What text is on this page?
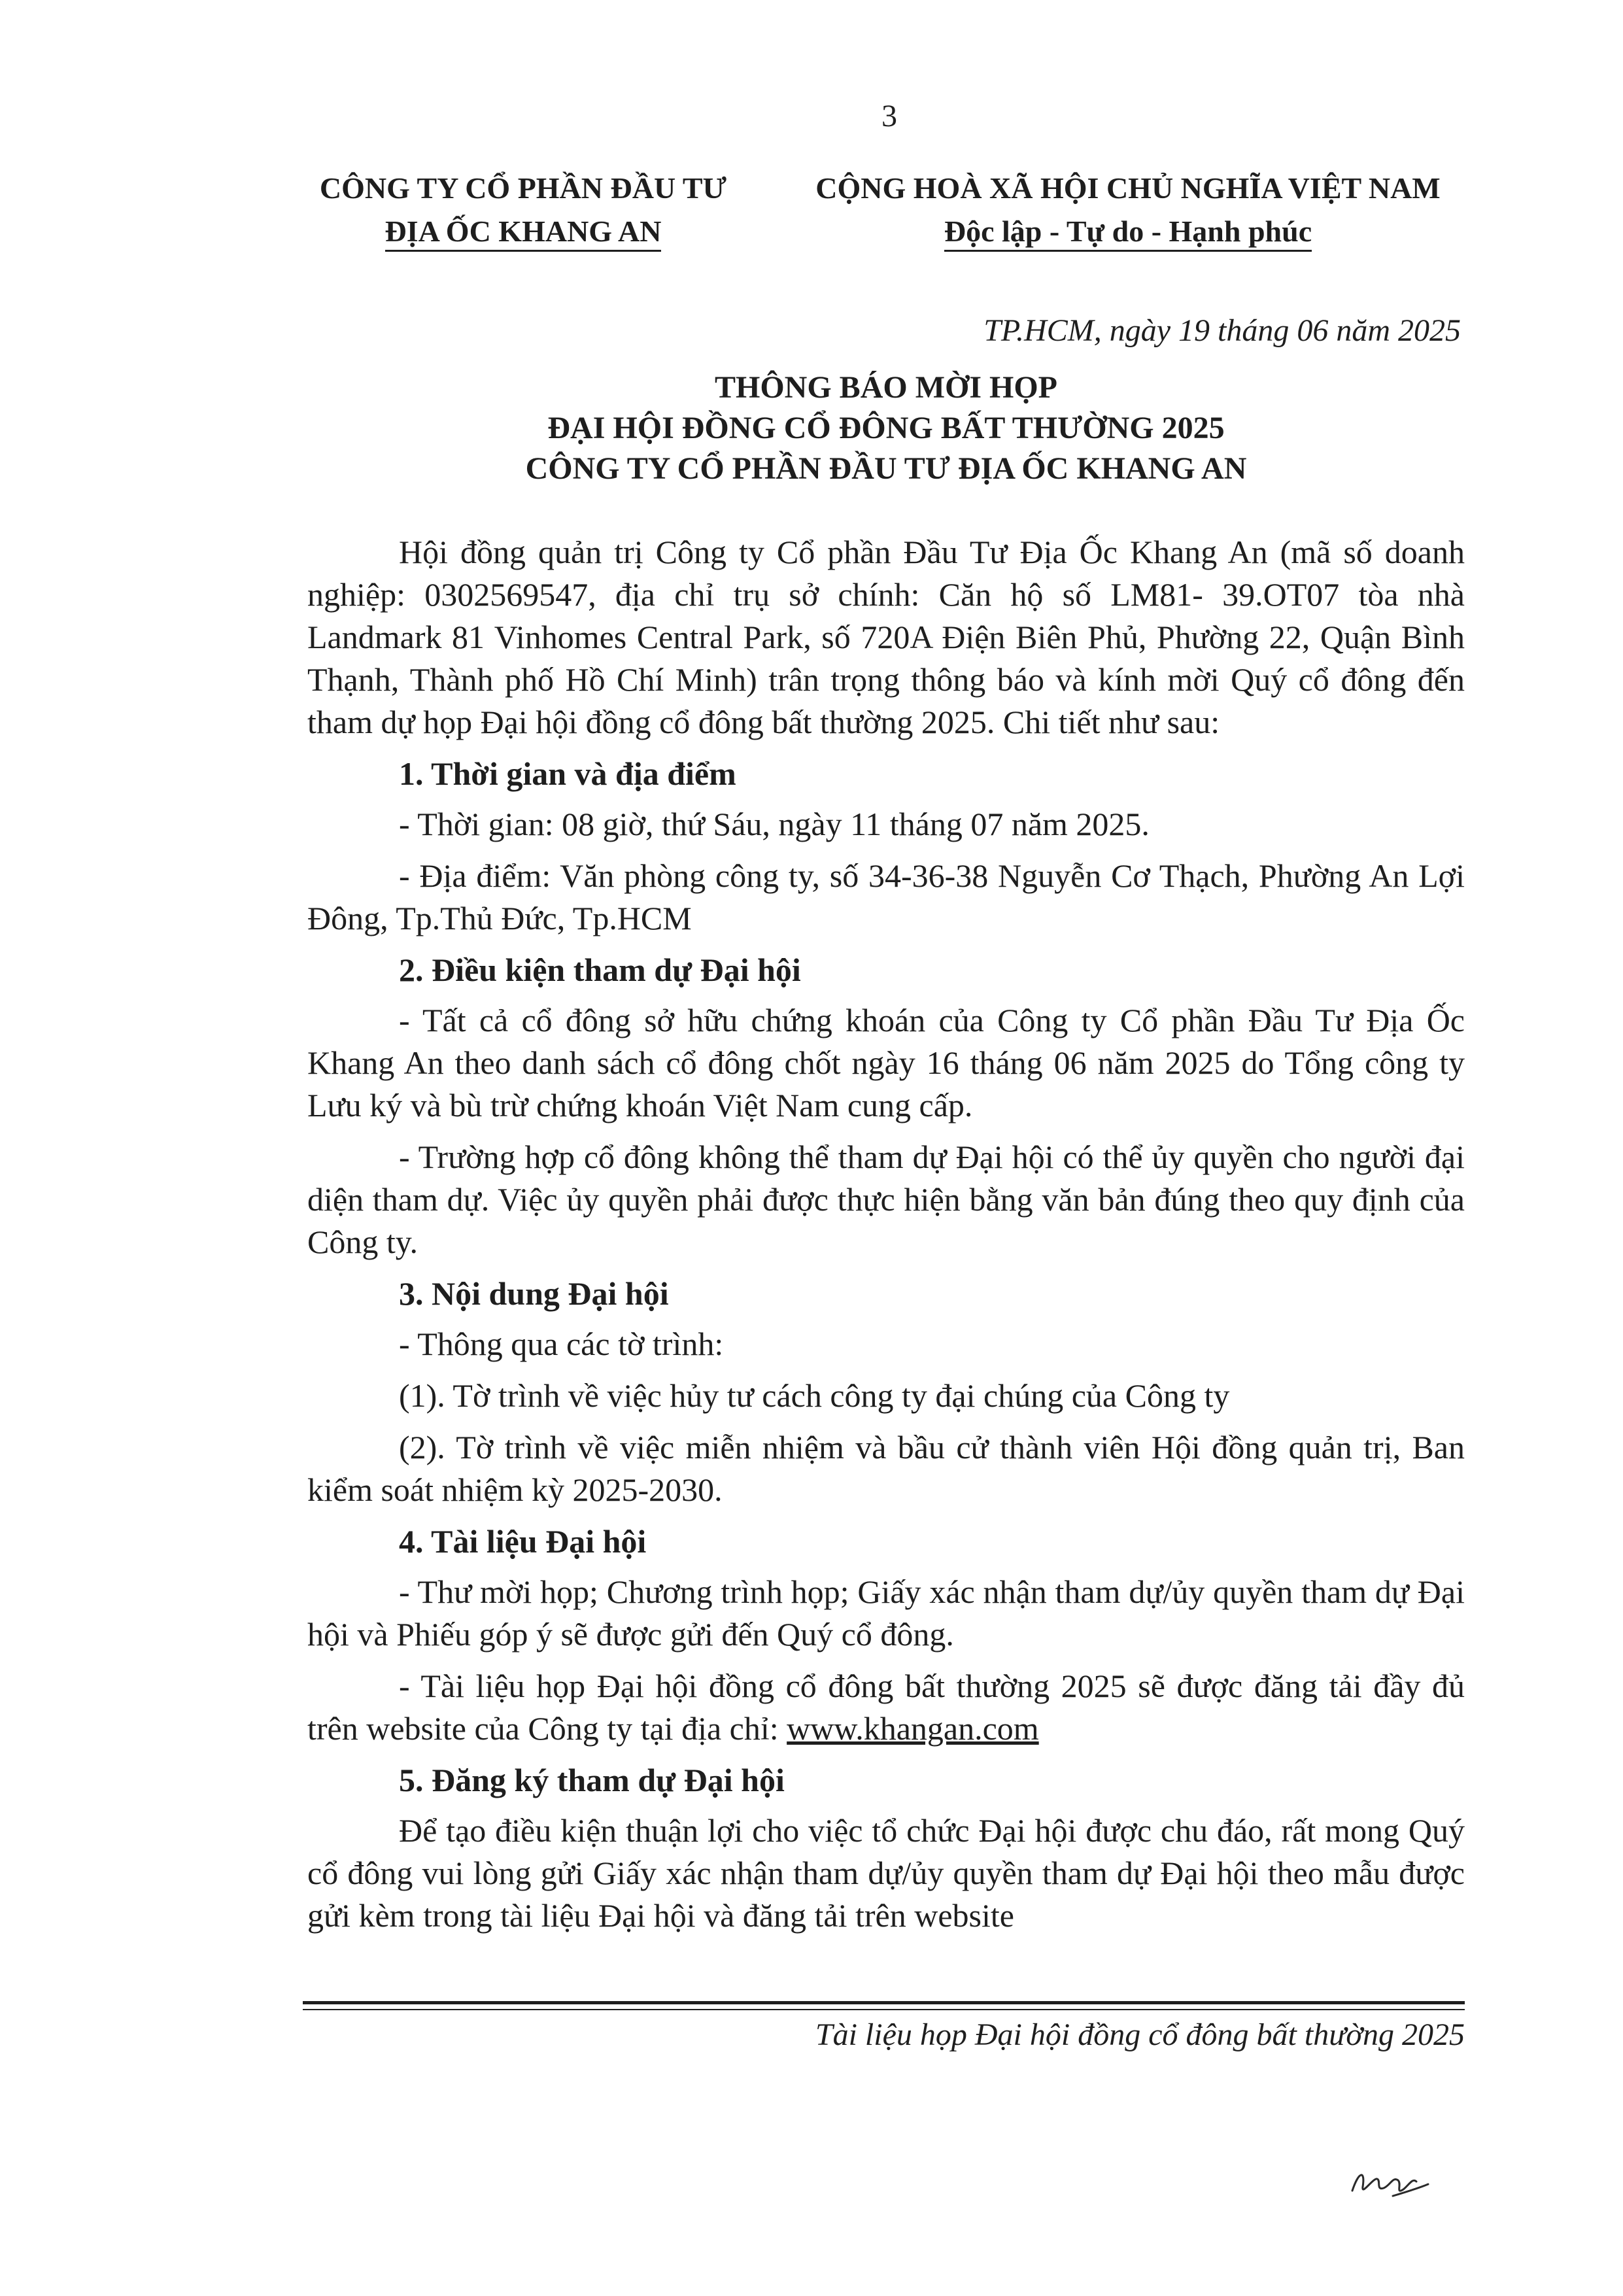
3
CÔNG TY CỔ PHẦN ĐẦU TƯ
ĐỊA ỐC KHANG AN
CỘNG HOÀ XÃ HỘI CHỦ NGHĨA VIỆT NAM
Độc lập - Tự do - Hạnh phúc
TP.HCM, ngày 19 tháng 06 năm 2025
THÔNG BÁO MỜI HỌP
ĐẠI HỘI ĐỒNG CỔ ĐÔNG BẤT THƯỜNG 2025
CÔNG TY CỔ PHẦN ĐẦU TƯ ĐỊA ỐC KHANG AN

Hội đồng quản trị Công ty Cổ phần Đầu Tư Địa Ốc Khang An (mã số doanh nghiệp: 0302569547, địa chỉ trụ sở chính: Căn hộ số LM81- 39.OT07 tòa nhà Landmark 81 Vinhomes Central Park, số 720A Điện Biên Phủ, Phường 22, Quận Bình Thạnh, Thành phố Hồ Chí Minh) trân trọng thông báo và kính mời Quý cổ đông đến tham dự họp Đại hội đồng cổ đông bất thường 2025. Chi tiết như sau:

1. Thời gian và địa điểm

- Thời gian: 08 giờ, thứ Sáu, ngày 11 tháng 07 năm 2025.

- Địa điểm: Văn phòng công ty, số 34-36-38 Nguyễn Cơ Thạch, Phường An Lợi Đông, Tp.Thủ Đức, Tp.HCM

2. Điều kiện tham dự Đại hội

- Tất cả cổ đông sở hữu chứng khoán của Công ty Cổ phần Đầu Tư Địa Ốc Khang An theo danh sách cổ đông chốt ngày 16 tháng 06 năm 2025 do Tổng công ty Lưu ký và bù trừ chứng khoán Việt Nam cung cấp.

- Trường hợp cổ đông không thể tham dự Đại hội có thể ủy quyền cho người đại diện tham dự. Việc ủy quyền phải được thực hiện bằng văn bản đúng theo quy định của Công ty.

3. Nội dung Đại hội

- Thông qua các tờ trình:

(1). Tờ trình về việc hủy tư cách công ty đại chúng của Công ty

(2). Tờ trình về việc miễn nhiệm và bầu cử thành viên Hội đồng quản trị, Ban kiểm soát nhiệm kỳ 2025-2030.

4. Tài liệu Đại hội

- Thư mời họp; Chương trình họp; Giấy xác nhận tham dự/ủy quyền tham dự Đại hội và Phiếu góp ý sẽ được gửi đến Quý cổ đông.

- Tài liệu họp Đại hội đồng cổ đông bất thường 2025 sẽ được đăng tải đầy đủ trên website của Công ty tại địa chỉ: www.khangan.com

5. Đăng ký tham dự Đại hội

Để tạo điều kiện thuận lợi cho việc tổ chức Đại hội được chu đáo, rất mong Quý cổ đông vui lòng gửi Giấy xác nhận tham dự/ủy quyền tham dự Đại hội theo mẫu được gửi kèm trong tài liệu Đại hội và đăng tải trên website

Tài liệu họp Đại hội đồng cổ đông bất thường 2025
